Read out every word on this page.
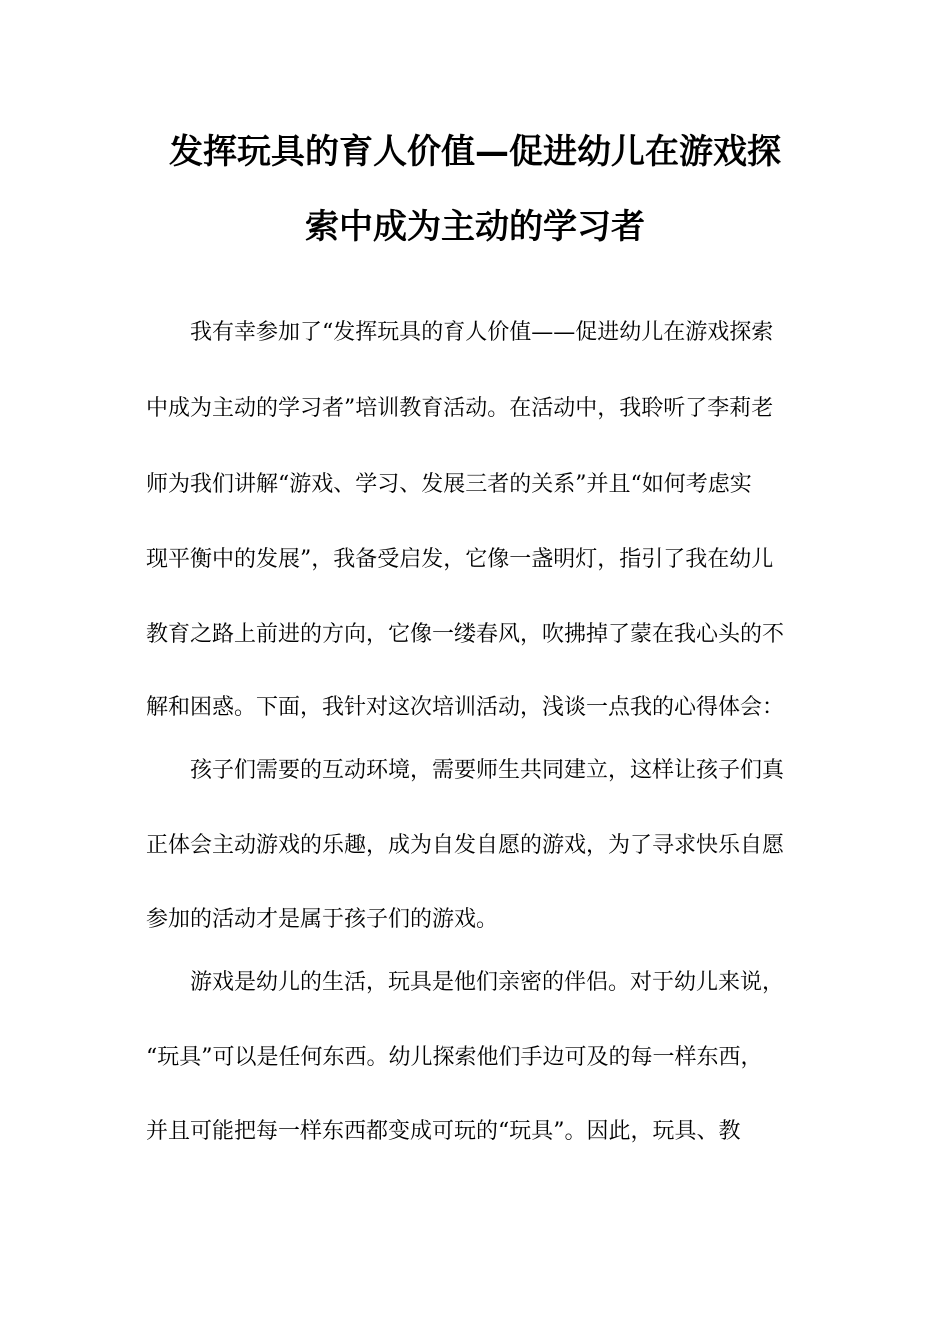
发挥玩具的育人价值—促进幼儿在游戏探
索中成为主动的学习者

我有幸参加了“发挥玩具的育人价值——促进幼儿在游戏探索

中成为主动的学习者”培训教育活动。在活动中，我聆听了李莉老

师为我们讲解“游戏、学习、发展三者的关系”并且“如何考虑实

现平衡中的发展”，我备受启发，它像一盏明灯，指引了我在幼儿

教育之路上前进的方向，它像一缕春风，吹拂掉了蒙在我心头的不

解和困惑。下面，我针对这次培训活动，浅谈一点我的心得体会：

孩子们需要的互动环境，需要师生共同建立，这样让孩子们真

正体会主动游戏的乐趣，成为自发自愿的游戏，为了寻求快乐自愿

参加的活动才是属于孩子们的游戏。

游戏是幼儿的生活，玩具是他们亲密的伴侣。对于幼儿来说，

“玩具”可以是任何东西。幼儿探索他们手边可及的每一样东西，

并且可能把每一样东西都变成可玩的“玩具”。因此，玩具、教
